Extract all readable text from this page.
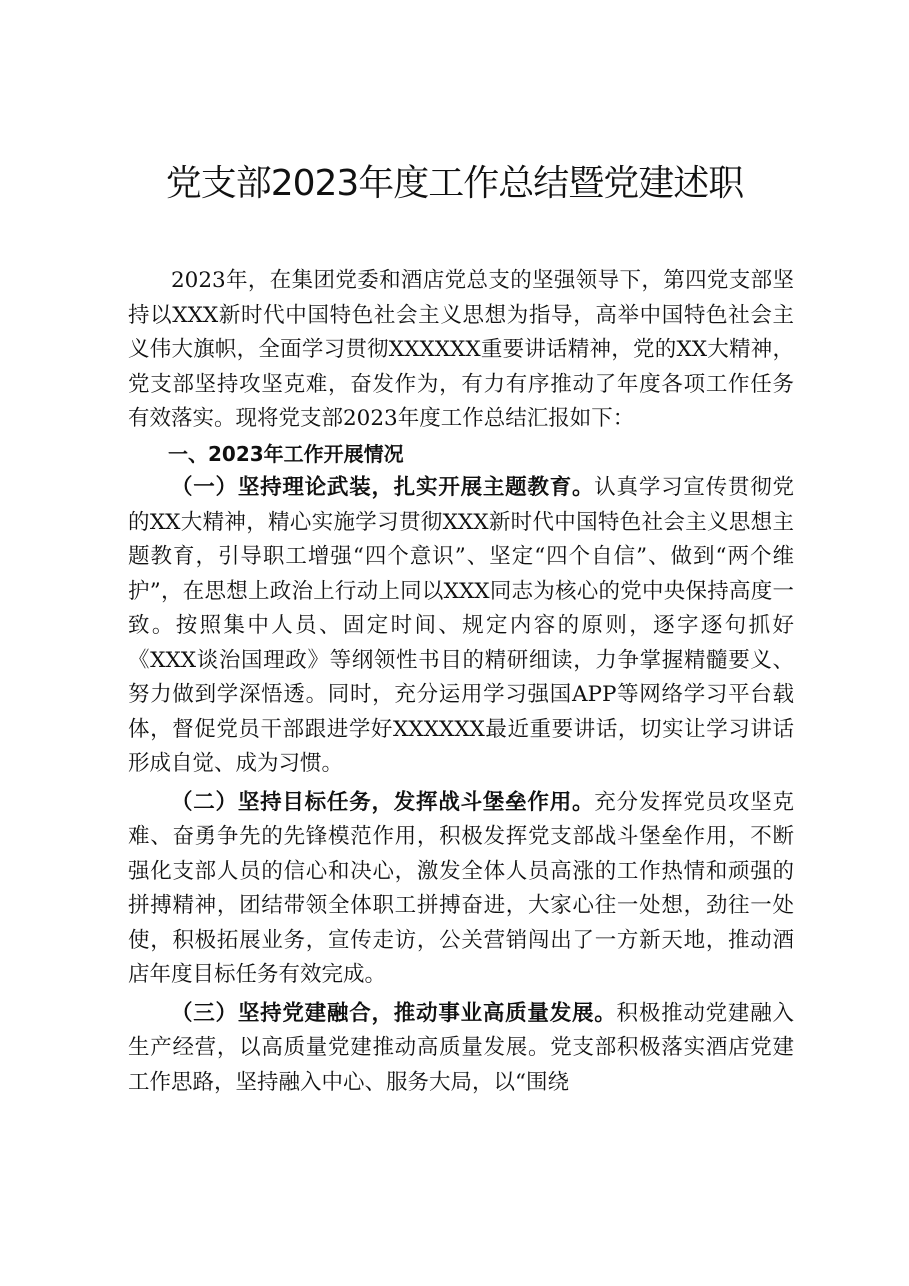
党支部2023年度工作总结暨党建述职

2023年，在集团党委和酒店党总支的坚强领导下，第四党支部坚持以XXX新时代中国特色社会主义思想为指导，高举中国特色社会主义伟大旗帜，全面学习贯彻XXXXXX重要讲话精神，党的XX大精神，党支部坚持攻坚克难，奋发作为，有力有序推动了年度各项工作任务有效落实。现将党支部2023年度工作总结汇报如下：

一、2023年工作开展情况

（一）坚持理论武装，扎实开展主题教育。认真学习宣传贯彻党的XX大精神，精心实施学习贯彻XXX新时代中国特色社会主义思想主题教育，引导职工增强“四个意识”、坚定“四个自信”、做到“两个维护”，在思想上政治上行动上同以XXX同志为核心的党中央保持高度一致。按照集中人员、固定时间、规定内容的原则，逐字逐句抓好《XXX谈治国理政》等纲领性书目的精研细读，力争掌握精髓要义、努力做到学深悟透。同时，充分运用学习强国APP等网络学习平台载体，督促党员干部跟进学好XXXXXX最近重要讲话，切实让学习讲话形成自觉、成为习惯。

（二）坚持目标任务，发挥战斗堡垒作用。充分发挥党员攻坚克难、奋勇争先的先锋模范作用，积极发挥党支部战斗堡垒作用，不断强化支部人员的信心和决心，激发全体人员高涨的工作热情和顽强的拼搏精神，团结带领全体职工拼搏奋进，大家心往一处想，劲往一处使，积极拓展业务，宣传走访，公关营销闯出了一方新天地，推动酒店年度目标任务有效完成。

（三）坚持党建融合，推动事业高质量发展。积极推动党建融入生产经营，以高质量党建推动高质量发展。党支部积极落实酒店党建工作思路，坚持融入中心、服务大局，以“围绕
